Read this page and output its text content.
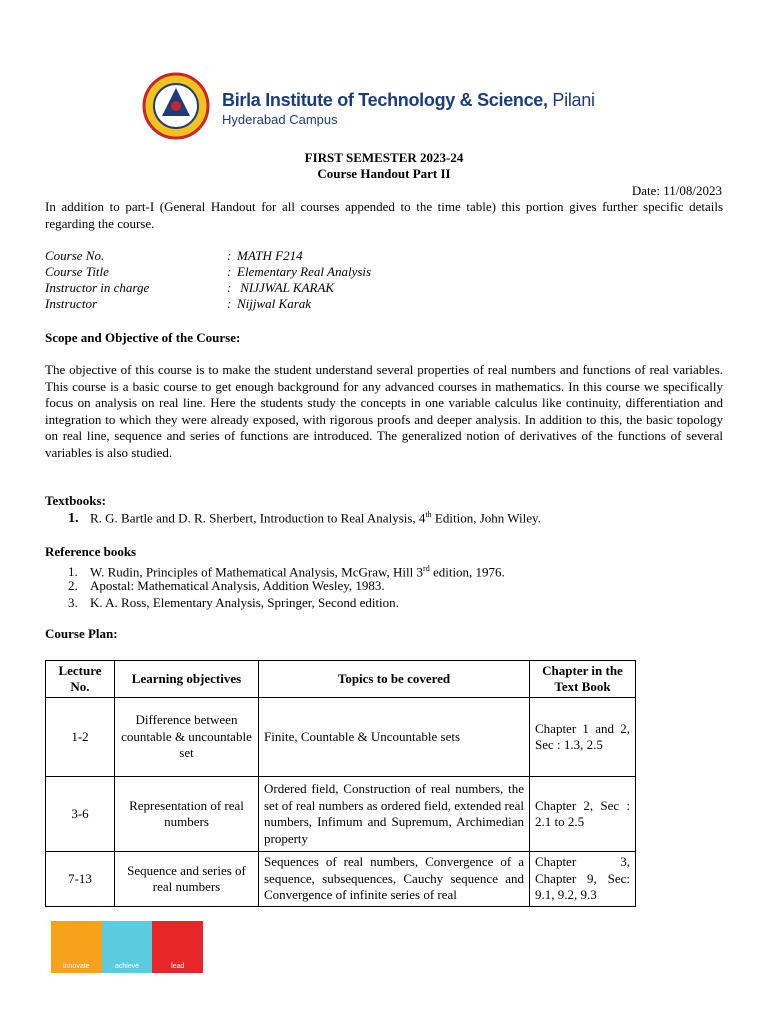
Birla Institute of Technology & Science, Pilani
Hyderabad Campus
FIRST SEMESTER 2023-24
Course Handout Part II
Date: 11/08/2023
In addition to part-I (General Handout for all courses appended to the time table) this portion gives further specific details regarding the course.
Course No.	: MATH F214
Course Title	: Elementary Real Analysis
Instructor in charge	: NIJJWAL KARAK
Instructor	: Nijjwal Karak
Scope and Objective of the Course:
The objective of this course is to make the student understand several properties of real numbers and functions of real variables. This course is a basic course to get enough background for any advanced courses in mathematics. In this course we specifically focus on analysis on real line. Here the students study the concepts in one variable calculus like continuity, differentiation and integration to which they were already exposed, with rigorous proofs and deeper analysis. In addition to this, the basic topology on real line, sequence and series of functions are introduced. The generalized notion of derivatives of the functions of several variables is also studied.
Textbooks:
1. R. G. Bartle and D. R. Sherbert, Introduction to Real Analysis, 4th Edition, John Wiley.
Reference books
1. W. Rudin, Principles of Mathematical Analysis, McGraw, Hill 3rd edition, 1976.
2. Apostal: Mathematical Analysis, Addition Wesley, 1983.
3. K. A. Ross, Elementary Analysis, Springer, Second edition.
Course Plan:
Lecture No.	Learning objectives	Topics to be covered	Chapter in the Text Book
1-2	Difference between countable & uncountable set	Finite, Countable & Uncountable sets	Chapter 1 and 2, Sec : 1.3, 2.5
3-6	Representation of real numbers	Ordered field, Construction of real numbers, the set of real numbers as ordered field, extended real numbers, Infimum and Supremum, Archimedian property	Chapter 2, Sec : 2.1 to 2.5
7-13	Sequence and series of real numbers	Sequences of real numbers, Convergence of a sequence, subsequences, Cauchy sequence and Convergence of infinite series of real	Chapter 3, Chapter 9, Sec: 9.1, 9.2, 9.3
innovate	achieve	lead
